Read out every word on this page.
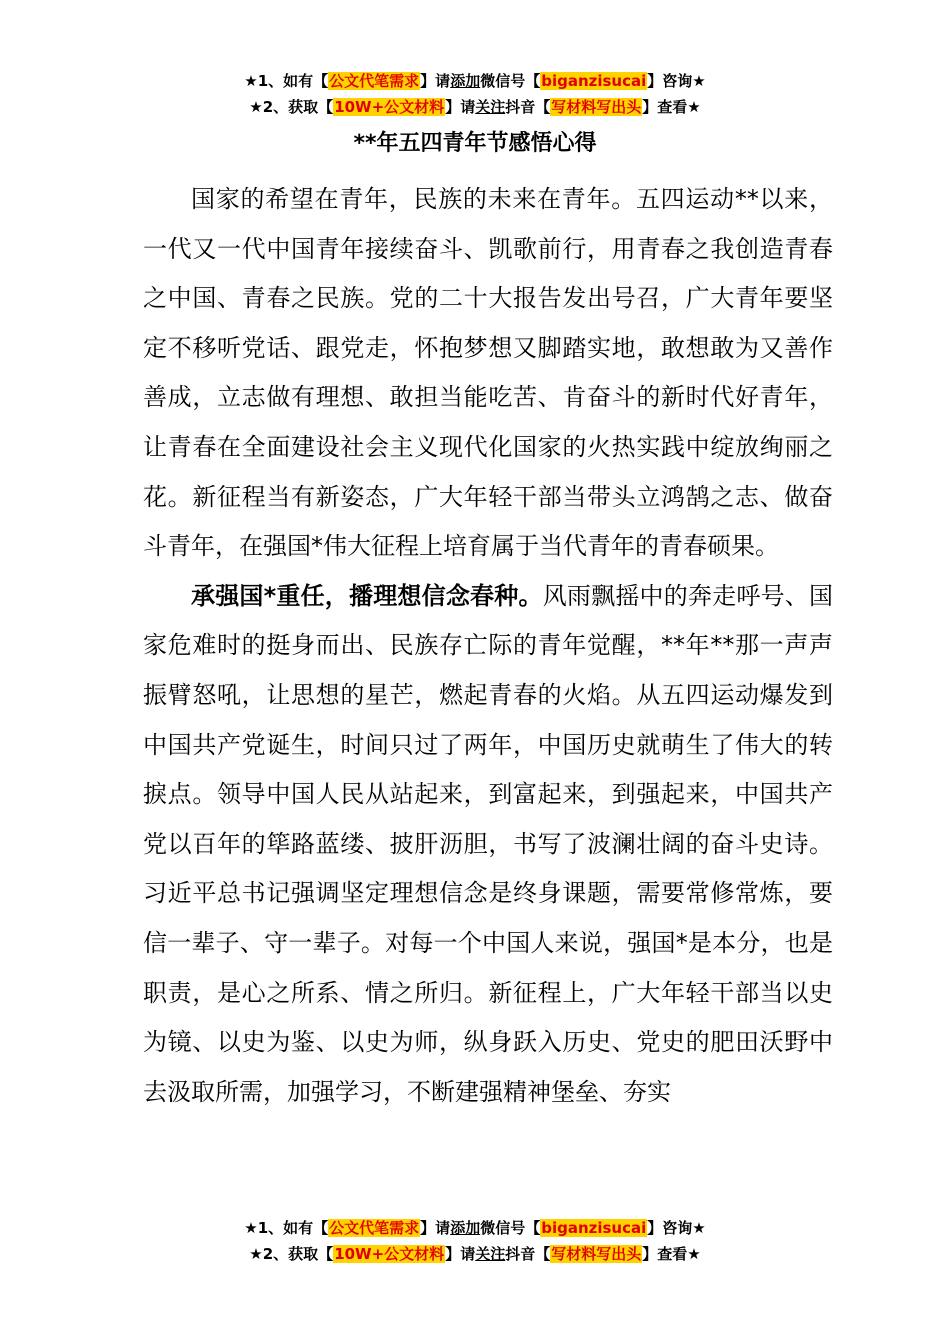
★1、如有【公文代笔需求】请添加微信号【biganzisucai】咨询★
★2、获取【10W+公文材料】请关注抖音【写材料写出头】查看★
**年五四青年节感悟心得

国家的希望在青年，民族的未来在青年。五四运动**以来，一代又一代中国青年接续奋斗、凯歌前行，用青春之我创造青春之中国、青春之民族。党的二十大报告发出号召，广大青年要坚定不移听党话、跟党走，怀抱梦想又脚踏实地，敢想敢为又善作善成，立志做有理想、敢担当能吃苦、肯奋斗的新时代好青年，让青春在全面建设社会主义现代化国家的火热实践中绽放绚丽之花。新征程当有新姿态，广大年轻干部当带头立鸿鹄之志、做奋斗青年，在强国*伟大征程上培育属于当代青年的青春硕果。

承强国*重任，播理想信念春种。风雨飘摇中的奔走呼号、国家危难时的挺身而出、民族存亡际的青年觉醒，**年**那一声声振臂怒吼，让思想的星芒，燃起青春的火焰。从五四运动爆发到中国共产党诞生，时间只过了两年，中国历史就萌生了伟大的转捩点。领导中国人民从站起来，到富起来，到强起来，中国共产党以百年的筚路蓝缕、披肝沥胆，书写了波澜壮阔的奋斗史诗。习近平总书记强调坚定理想信念是终身课题，需要常修常炼，要信一辈子、守一辈子。对每一个中国人来说，强国*是本分，也是职责，是心之所系、情之所归。新征程上，广大年轻干部当以史为镜、以史为鉴、以史为师，纵身跃入历史、党史的肥田沃野中去汲取所需，加强学习，不断建强精神堡垒、夯实

★1、如有【公文代笔需求】请添加微信号【biganzisucai】咨询★
★2、获取【10W+公文材料】请关注抖音【写材料写出头】查看★
